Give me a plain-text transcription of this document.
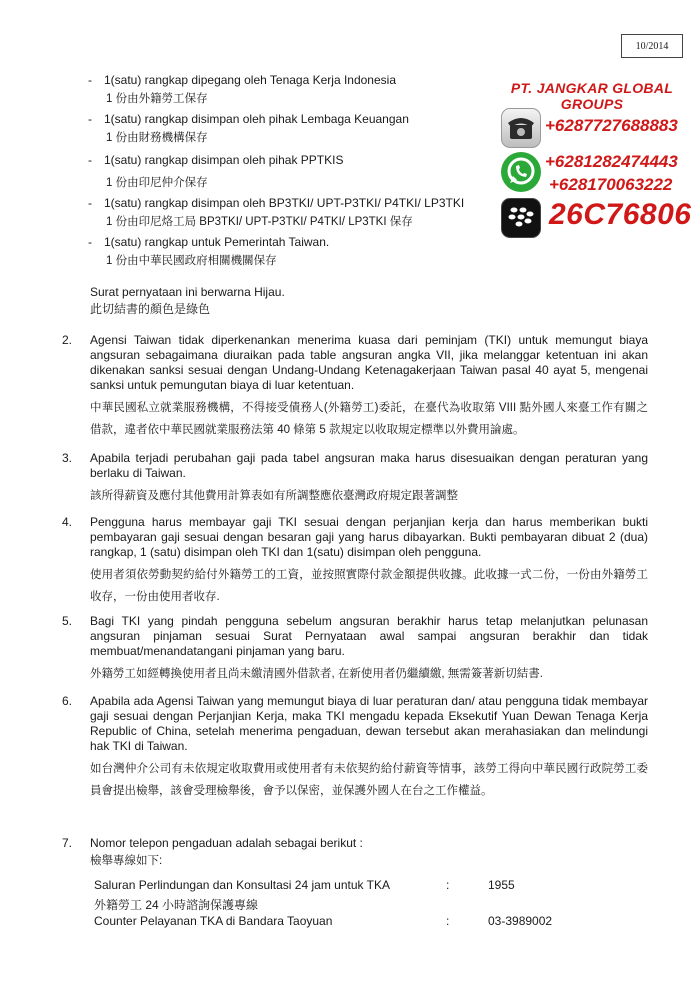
10/2014
-	1(satu) rangkap dipegang oleh Tenaga Kerja Indonesia
1 份由外籍勞工保存
-	1(satu) rangkap disimpan oleh pihak Lembaga Keuangan
1 份由財務機構保存
-	1(satu) rangkap disimpan oleh pihak PPTKIS
1 份由印尼仲介保存
-	1(satu) rangkap disimpan oleh BP3TKI/ UPT-P3TKI/ P4TKI/ LP3TKI
1 份由印尼烙工局 BP3TKI/ UPT-P3TKI/ P4TKI/ LP3TKI 保存
-	1(satu) rangkap untuk Pemerintah Taiwan.
1 份由中華民國政府相關機關保存
Surat pernyataan ini berwarna Hijau.
此切結書的顏色是綠色
2. Agensi Taiwan tidak diperkenankan menerima kuasa dari peminjam (TKI) untuk memungut biaya angsuran sebagaimana diuraikan pada table angsuran angka VII, jika melanggar ketentuan ini akan dikenakan sanksi sesuai dengan Undang-Undang Ketenagakerjaan Taiwan pasal 40 ayat 5, mengenai sanksi untuk pemungutan biaya di luar ketentuan.
中華民國私立就業服務機構，不得接受債務人(外籍勞工)委託，在臺代為收取第 VIII 點外國人來臺工作有關之借款，違者依中華民國就業服務法第 40 條第 5 款規定以收取規定標準以外費用論處。
3. Apabila terjadi perubahan gaji pada tabel angsuran maka harus disesuaikan dengan peraturan yang berlaku di Taiwan.
該所得薪資及應付其他費用計算表如有所調整應依臺灣政府規定跟著調整
4. Pengguna harus membayar gaji TKI sesuai dengan perjanjian kerja dan harus memberikan bukti pembayaran gaji sesuai dengan besaran gaji yang harus dibayarkan. Bukti pembayaran dibuat 2 (dua) rangkap, 1 (satu) disimpan oleh TKI dan 1(satu) disimpan oleh pengguna.
使用者須依勞動契約給付外籍勞工的工資，並按照實際付款金額提供收據。此收據一式二份，一份由外籍勞工收存，一份由使用者收存.
5. Bagi TKI yang pindah pengguna sebelum angsuran berakhir harus tetap melanjutkan pelunasan angsuran pinjaman sesuai Surat Pernyataan awal sampai angsuran berakhir dan tidak membuat/menandatangani pinjaman yang baru.
外籍勞工如經轉換使用者且尚未繳清國外借款者, 在新使用者仍繼續繳, 無需簽著新切結書.
6. Apabila ada Agensi Taiwan yang memungut biaya di luar peraturan dan/ atau pengguna tidak membayar gaji sesuai dengan Perjanjian Kerja, maka TKI mengadu kepada Eksekutif Yuan Dewan Tenaga Kerja Republic of China, setelah menerima pengaduan, dewan tersebut akan merahasiakan dan melindungi hak TKI di Taiwan.
如台灣仲介公司有未依規定收取費用或使用者有未依契約給付薪資等情事，該勞工得向中華民國行政院勞工委員會提出檢舉，該會受理檢舉後，會予以保密，並保護外國人在台之工作權益。
7. Nomor telepon pengaduan adalah sebagai berikut :
檢舉專線如下:
Saluran Perlindungan dan Konsultasi 24 jam untuk TKA	:	1955
外籍勞工 24 小時諮詢保護專線
Counter Pelayanan TKA di Bandara Taoyuan	:	03-3989002
PT. JANGKAR GLOBAL GROUPS
+6287727688883
+6281282474443
+628170063222
26C76806
